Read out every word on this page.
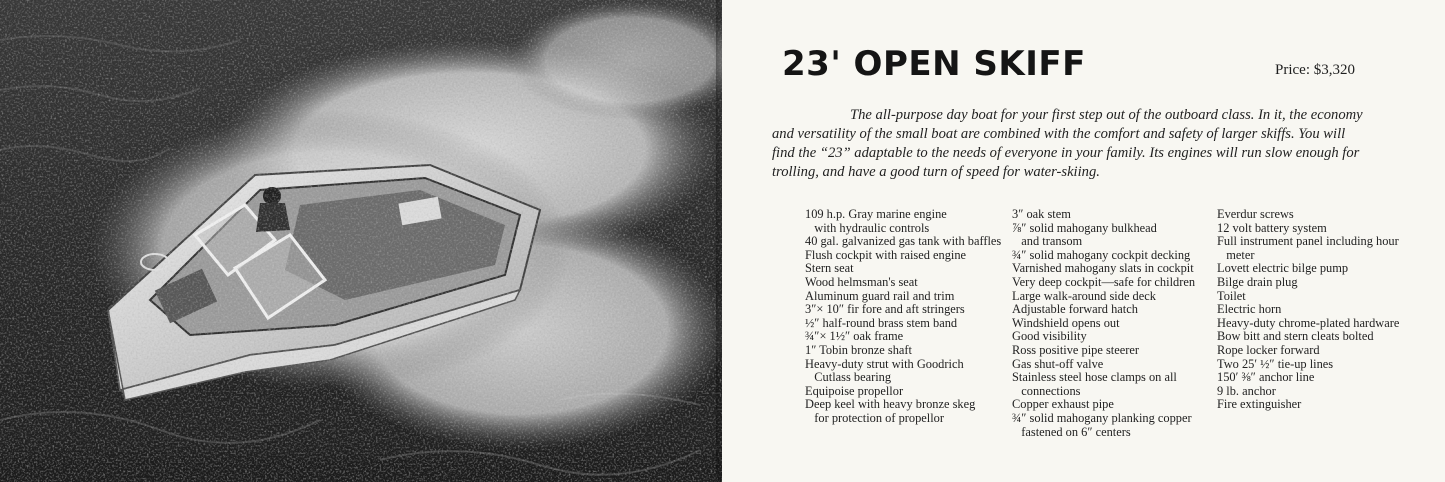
23' OPEN SKIFF	Price: $3,320

The all-purpose day boat for your first step out of the outboard class. In it, the economy and versatility of the small boat are combined with the comfort and safety of larger skiffs. You will find the “23” adaptable to the needs of everyone in your family. Its engines will run slow enough for trolling, and have a good turn of speed for water-skiing.

109 h.p. Gray marine engine
with hydraulic controls
40 gal. galvanized gas tank with baffles
Flush cockpit with raised engine
Stern seat
Wood helmsman's seat
Aluminum guard rail and trim
3″× 10″ fir fore and aft stringers
½″ half-round brass stem band
¾″× 1½″ oak frame
1″ Tobin bronze shaft
Heavy-duty strut with Goodrich
Cutlass bearing
Equipoise propellor
Deep keel with heavy bronze skeg
for protection of propellor
3″ oak stem
⅞″ solid mahogany bulkhead
and transom
¾″ solid mahogany cockpit decking
Varnished mahogany slats in cockpit
Very deep cockpit—safe for children
Large walk-around side deck
Adjustable forward hatch
Windshield opens out
Good visibility
Ross positive pipe steerer
Gas shut-off valve
Stainless steel hose clamps on all
connections
Copper exhaust pipe
¾″ solid mahogany planking copper
fastened on 6″ centers
Everdur screws
12 volt battery system
Full instrument panel including hour
meter
Lovett electric bilge pump
Bilge drain plug
Toilet
Electric horn
Heavy-duty chrome-plated hardware
Bow bitt and stern cleats bolted
Rope locker forward
Two 25′ ½″ tie-up lines
150′ ⅜″ anchor line
9 lb. anchor
Fire extinguisher
